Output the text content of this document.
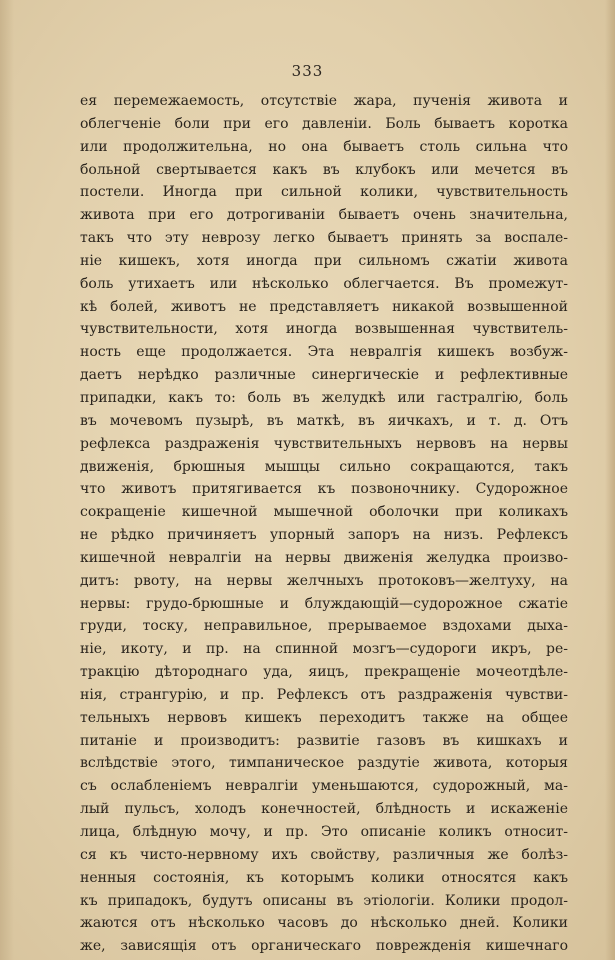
333
ея перемежаемость, отсутствіе жара, пученія живота и
облегченіе боли при его давленіи. Боль бываетъ коротка
или продолжительна, но она бываетъ столь сильна что
больной свертывается какъ въ клубокъ или мечется въ
постели. Иногда при сильной колики, чувствительность
живота при его дотрогиваніи бываетъ очень значительна,
такъ что эту неврозу легко бываетъ принять за воспале-
ніе кишекъ, хотя иногда при сильномъ сжатіи живота
боль утихаетъ или нѣсколько облегчается. Въ промежут-
кѣ болей, животъ не представляетъ никакой возвышенной
чувствительности, хотя иногда возвышенная чувствитель-
ность еще продолжается. Эта невралгія кишекъ возбуж-
даетъ нерѣдко различные синергическіе и рефлективные
припадки, какъ то: боль въ желудкѣ или гастралгію, боль
въ мочевомъ пузырѣ, въ маткѣ, въ яичкахъ, и т. д. Отъ
рефлекса раздраженія чувствительныхъ нервовъ на нервы
движенія, брюшныя мышцы сильно сокращаются, такъ
что животъ притягивается къ позвоночнику. Судорожное
сокращеніе кишечной мышечной оболочки при коликахъ
не рѣдко причиняетъ упорный запоръ на низъ. Рефлексъ
кишечной невралгіи на нервы движенія желудка произво-
дитъ: рвоту, на нервы желчныхъ протоковъ—желтуху, на
нервы: грудо-брюшные и блуждающій—судорожное сжатіе
груди, тоску, неправильное, прерываемое вздохами дыха-
ніе, икоту, и пр. на спинной мозгъ—судороги икръ, ре-
тракцію дѣтороднаго уда, яицъ, прекращеніе мочеотдѣле-
нія, странгурію, и пр. Рефлексъ отъ раздраженія чувстви-
тельныхъ нервовъ кишекъ переходитъ также на общее
питаніе и производитъ: развитіе газовъ въ кишкахъ и
вслѣдствіе этого, тимпаническое раздутіе живота, которыя
съ ослабленіемъ невралгіи уменьшаются, судорожный, ма-
лый пульсъ, холодъ конечностей, блѣдность и искаженіе
лица, блѣдную мочу, и пр. Это описаніе коликъ относит-
ся къ чисто-нервному ихъ свойству, различныя же болѣз-
ненныя состоянія, къ которымъ колики относятся какъ
къ припадокъ, будутъ описаны въ этіологіи. Колики продол-
жаются отъ нѣсколько часовъ до нѣсколько дней. Колики
же, зависящія отъ органическаго поврежденія кишечнаго
